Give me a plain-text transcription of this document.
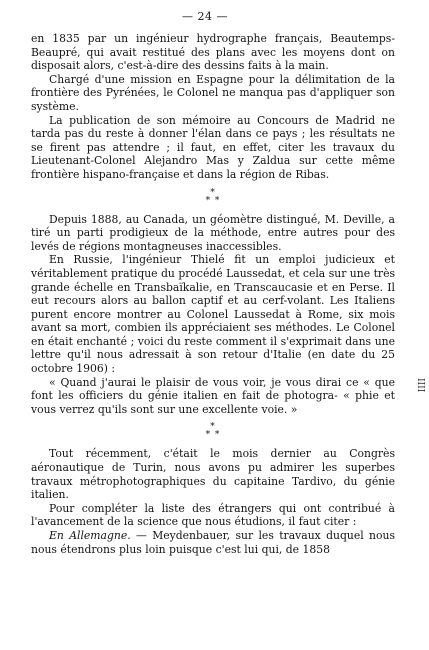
— 24 —

en 1835 par un ingénieur hydrographe français, Beautemps-Beaupré, qui avait restitué des plans avec les moyens dont on disposait alors, c'est-à-dire des dessins faits à la main.

Chargé d'une mission en Espagne pour la délimitation de la frontière des Pyrénées, le Colonel ne manqua pas d'appliquer son système.

La publication de son mémoire au Concours de Madrid ne tarda pas du reste à donner l'élan dans ce pays ; les résultats ne se firent pas attendre ; il faut, en effet, citer les travaux du Lieutenant-Colonel Alejandro Mas y Zaldua sur cette même frontière hispano-française et dans la région de Ribas.

*
* *

Depuis 1888, au Canada, un géomètre distingué, M. Deville, a tiré un parti prodigieux de la méthode, entre autres pour des levés de régions montagneuses inaccessibles.

En Russie, l'ingénieur Thielé fit un emploi judicieux et véritablement pratique du procédé Laussedat, et cela sur une très grande échelle en Transbaïkalie, en Transcaucasie et en Perse. Il eut recours alors au ballon captif et au cerf-volant. Les Italiens purent encore montrer au Colonel Laussedat à Rome, six mois avant sa mort, combien ils appréciaient ses méthodes. Le Colonel en était enchanté ; voici du reste comment il s'exprimait dans une lettre qu'il nous adressait à son retour d'Italie (en date du 25 octobre 1906) :

« Quand j'aurai le plaisir de vous voir, je vous dirai ce « que font les officiers du génie italien en fait de photogra- « phie et vous verrez qu'ils sont sur une excellente voie. »

*
* *

Tout récemment, c'était le mois dernier au Congrès aéronautique de Turin, nous avons pu admirer les superbes travaux métrophotographiques du capitaine Tardivo, du génie italien.

Pour compléter la liste des étrangers qui ont contribué à l'avancement de la science que nous étudions, il faut citer :

En Allemagne. — Meydenbauer, sur les travaux duquel nous nous étendrons plus loin puisque c'est lui qui, de 1858

IIII
